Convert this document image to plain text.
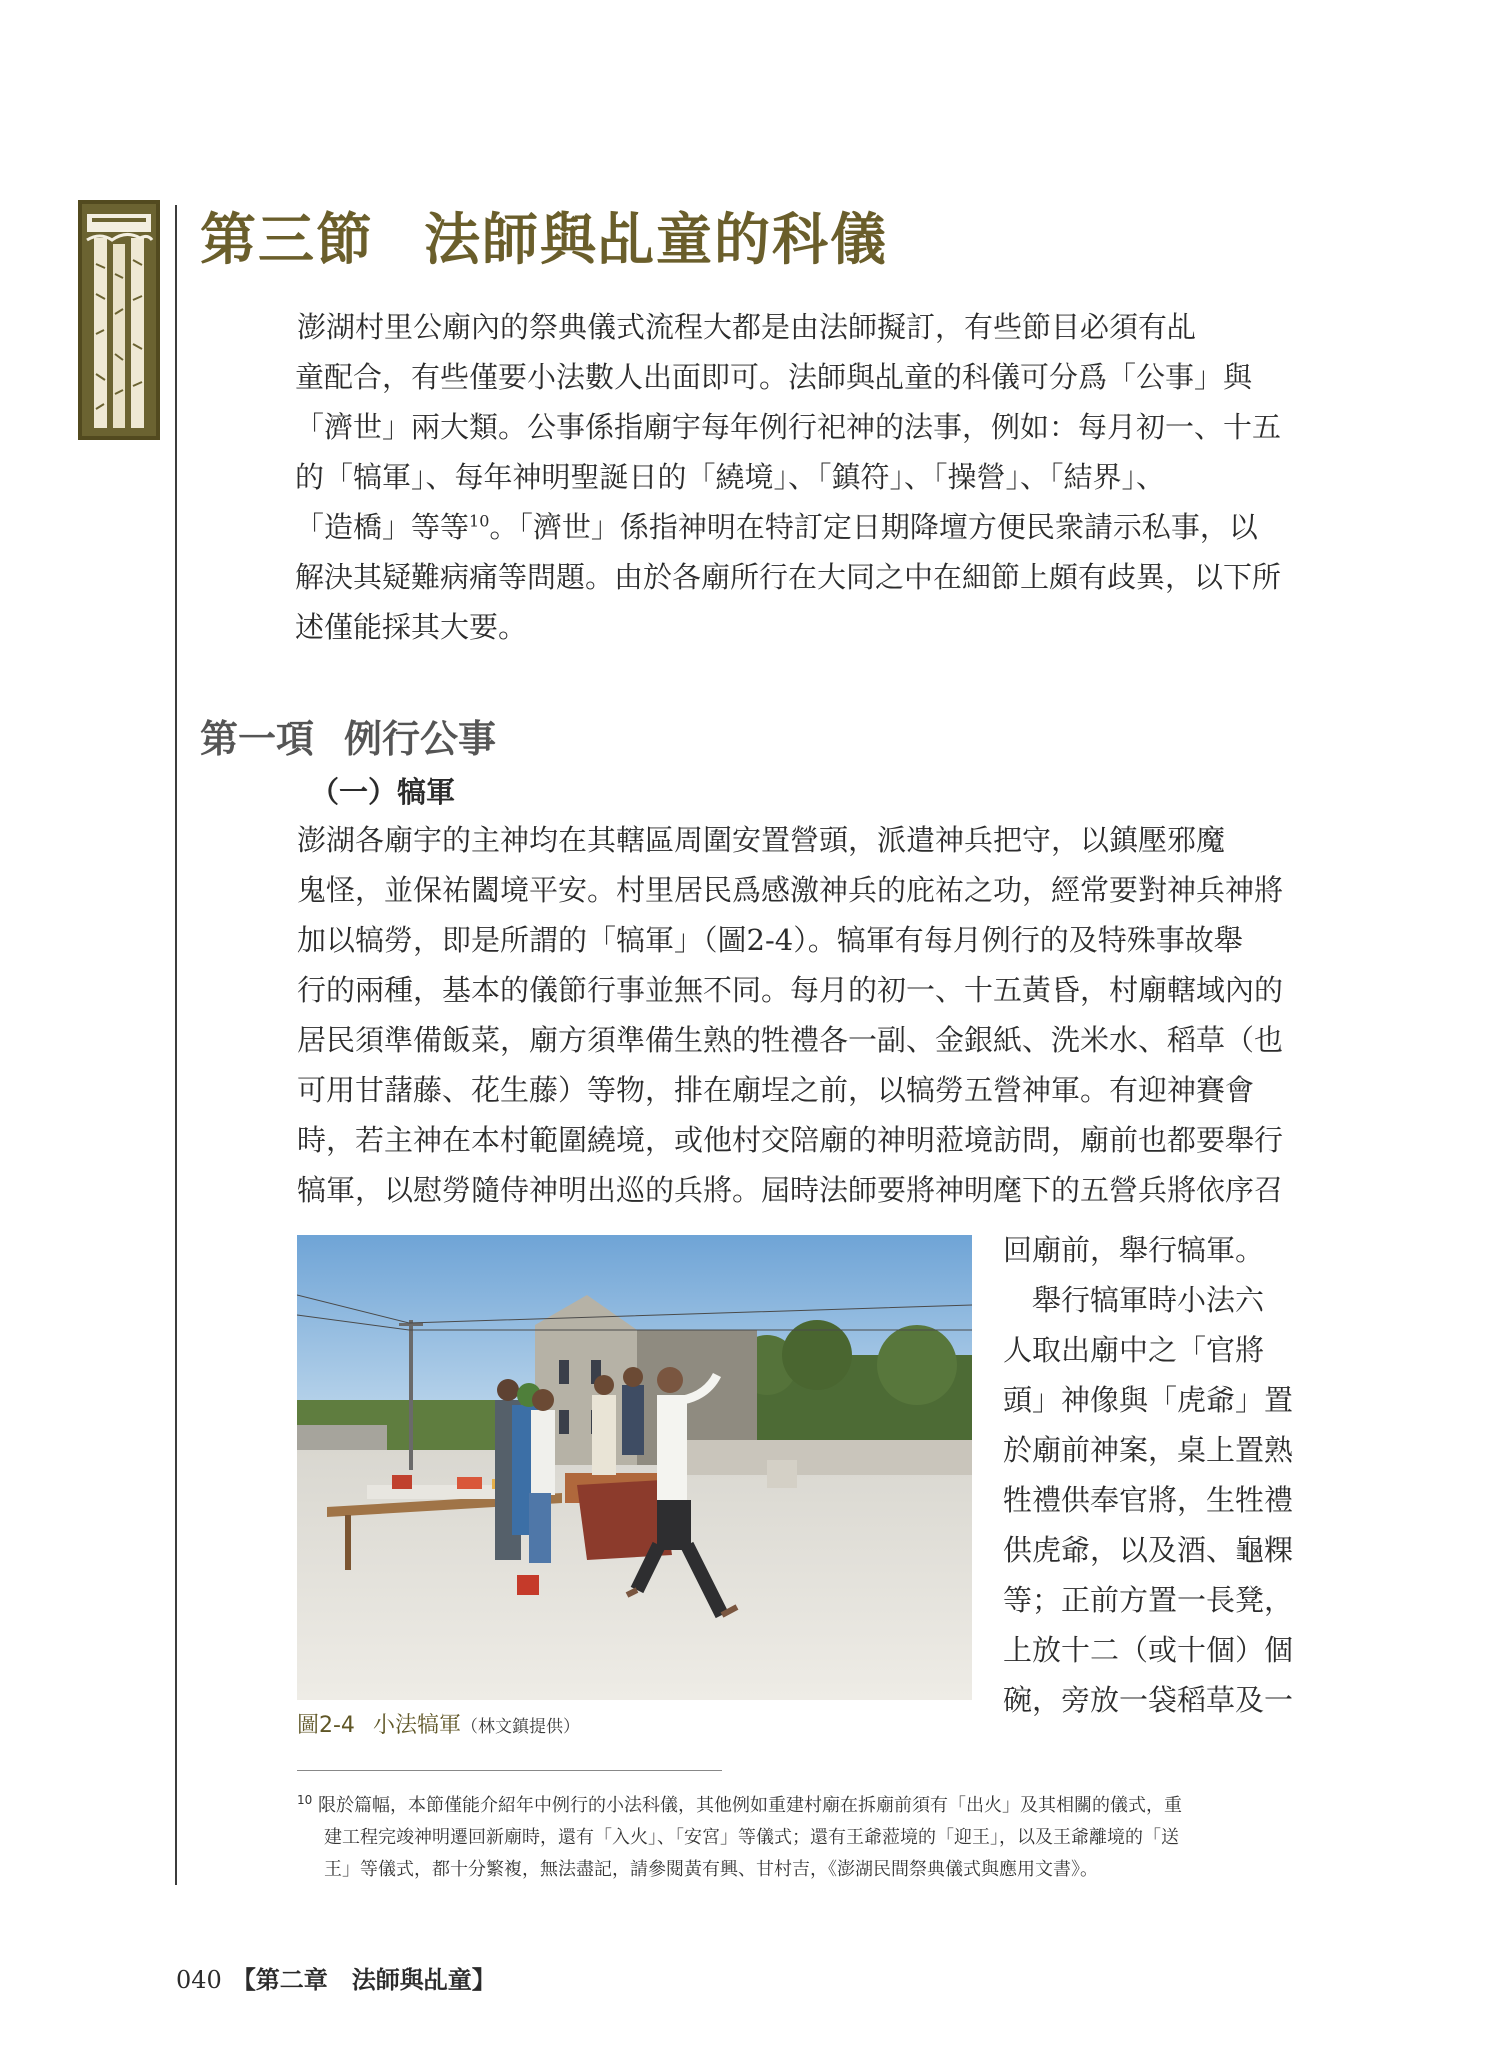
第三節 法師與乩童的科儀
澎湖村里公廟內的祭典儀式流程大都是由法師擬訂，有些節目必須有乩
童配合，有些僅要小法數人出面即可。法師與乩童的科儀可分爲「公事」與
「濟世」兩大類。公事係指廟宇每年例行祀神的法事，例如：每月初一、十五
的「犒軍」、每年神明聖誕日的「繞境」、「鎮符」、「操營」、「結界」、
「造橋」等等$^{10}$。「濟世」係指神明在特訂定日期降壇方便民衆請示私事，以
解決其疑難病痛等問題。由於各廟所行在大同之中在細節上頗有歧異，以下所
述僅能採其大要。
第一項 例行公事
（一）犒軍
澎湖各廟宇的主神均在其轄區周圍安置營頭，派遣神兵把守，以鎮壓邪魔
鬼怪，並保祐闔境平安。村里居民爲感激神兵的庇祐之功，經常要對神兵神將
加以犒勞，即是所謂的「犒軍」（圖2-4）。犒軍有每月例行的及特殊事故舉
行的兩種，基本的儀節行事並無不同。每月的初一、十五黃昏，村廟轄域內的
居民須準備飯菜，廟方須準備生熟的牲禮各一副、金銀紙、洗米水、稻草（也
可用甘藷藤、花生藤）等物，排在廟埕之前，以犒勞五營神軍。有迎神賽會
時，若主神在本村範圍繞境，或他村交陪廟的神明蒞境訪問，廟前也都要舉行
犒軍，以慰勞隨侍神明出巡的兵將。屆時法師要將神明麾下的五營兵將依序召

圖2-4 小法犒軍（林文鎮提供）

回廟前，舉行犒軍。
　舉行犒軍時小法六
人取出廟中之「官將
頭」神像與「虎爺」置
於廟前神案，桌上置熟
牲禮供奉官將，生牲禮
供虎爺，以及酒、龜粿
等；正前方置一長凳，
上放十二（或十個）個
碗，旁放一袋稻草及一
$^{10}$ 限於篇幅，本節僅能介紹年中例行的小法科儀，其他例如重建村廟在拆廟前須有「出火」及其相關的儀式，重
建工程完竣神明遷回新廟時，還有「入火」、「安宮」等儀式；還有王爺蒞境的「迎王」，以及王爺離境的「送
王」等儀式，都十分繁複，無法盡記，請參閱黃有興、甘村吉，《澎湖民間祭典儀式與應用文書》。

040 【第二章　法師與乩童】
